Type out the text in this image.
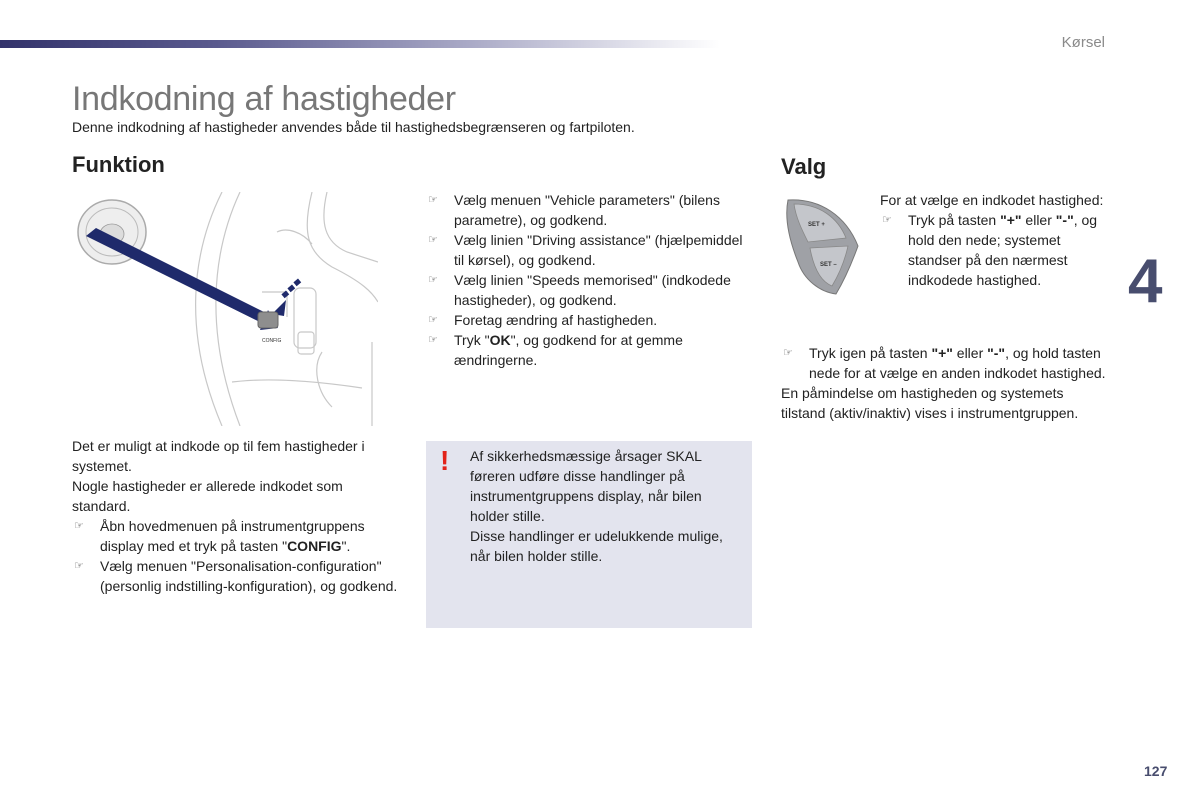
Kørsel
Indkodning af hastigheder
Denne indkodning af hastigheder anvendes både til hastighedsbegrænseren og fartpiloten.
Funktion	Valg
4
CONFIG
☞ Vælg menuen "Vehicle parameters" (bilens parametre), og godkend.
☞ Vælg linien "Driving assistance" (hjælpemiddel til kørsel), og godkend.
☞ Vælg linien "Speeds memorised" (indkodede hastigheder), og godkend.
☞ Foretag ændring af hastigheden.
☞ Tryk "OK", og godkend for at gemme ændringerne.

Det er muligt at indkode op til fem hastigheder i systemet.

Nogle hastigheder er allerede indkodet som standard.

☞ Åbn hovedmenuen på instrumentgruppens display med et tryk på tasten "CONFIG".
☞ Vælg menuen "Personalisation-configuration" (personlig indstilling-konfiguration), og godkend.
! Af sikkerhedsmæssige årsager SKAL føreren udføre disse handlinger på instrumentgruppens display, når bilen holder stille.

Disse handlinger er udelukkende mulige, når bilen holder stille.

SET +
SET –

For at vælge en indkodet hastighed:

☞ Tryk på tasten "+" eller "-", og hold den nede; systemet standser på den nærmest indkodede hastighed.
☞ Tryk igen på tasten "+" eller "-", og hold tasten nede for at vælge en anden indkodet hastighed.

En påmindelse om hastigheden og systemets tilstand (aktiv/inaktiv) vises i instrumentgruppen.

127
